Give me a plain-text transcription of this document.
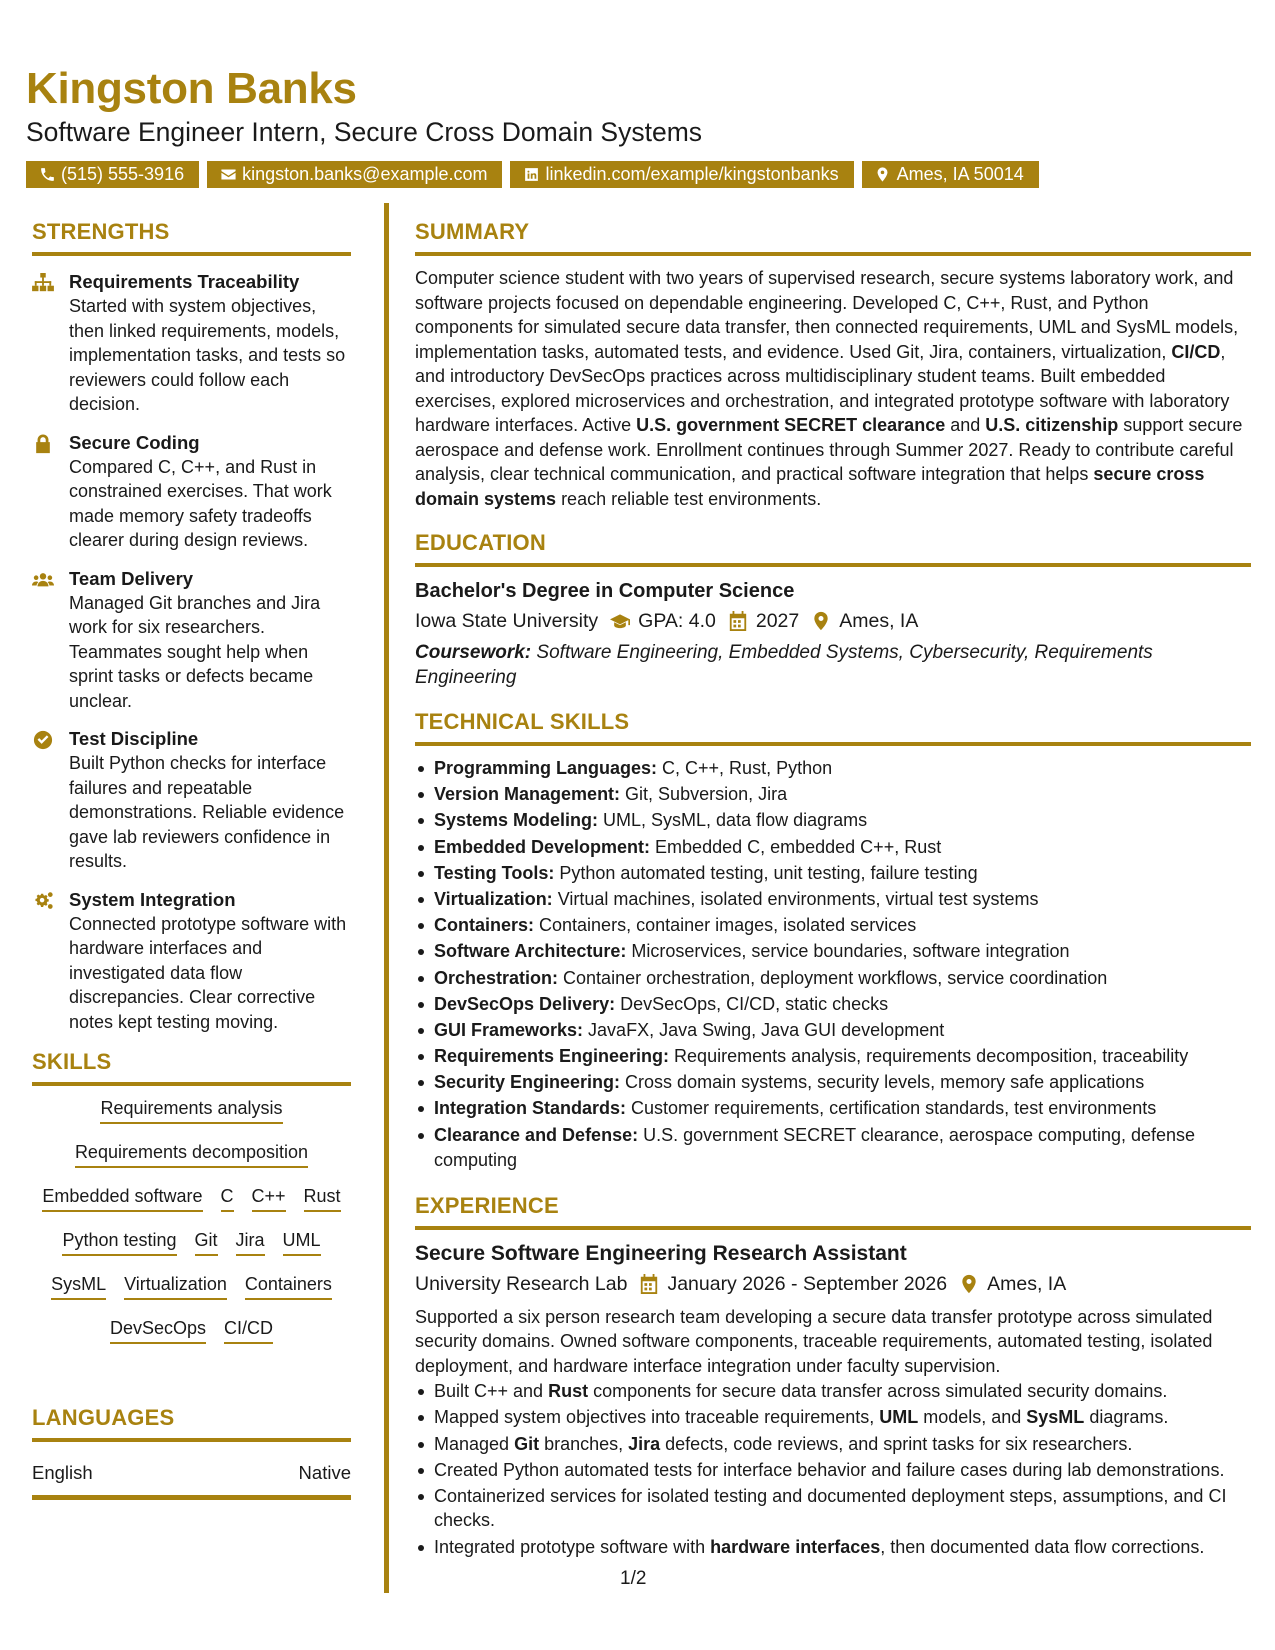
Kingston Banks
Software Engineer Intern, Secure Cross Domain Systems
(515) 555-3916	kingston.banks@example.com	linkedin.com/example/kingstonbanks	Ames, IA 50014
STRENGTHS
Requirements Traceability
Started with system objectives, then linked requirements, models, implementation tasks, and tests so reviewers could follow each decision.
Secure Coding
Compared C, C++, and Rust in constrained exercises. That work made memory safety tradeoffs clearer during design reviews.
Team Delivery
Managed Git branches and Jira work for six researchers. Teammates sought help when sprint tasks or defects became unclear.
Test Discipline
Built Python checks for interface failures and repeatable demonstrations. Reliable evidence gave lab reviewers confidence in results.
System Integration
Connected prototype software with hardware interfaces and investigated data flow discrepancies. Clear corrective notes kept testing moving.
SKILLS
Requirements analysis
Requirements decomposition
Embedded software C C++ Rust
Python testing Git Jira UML
SysML Virtualization Containers
DevSecOps CI/CD
LANGUAGES
English	Native
SUMMARY
Computer science student with two years of supervised research, secure systems laboratory work, and software projects focused on dependable engineering. Developed C, C++, Rust, and Python components for simulated secure data transfer, then connected requirements, UML and SysML models, implementation tasks, automated tests, and evidence. Used Git, Jira, containers, virtualization, CI/CD, and introductory DevSecOps practices across multidisciplinary student teams. Built embedded exercises, explored microservices and orchestration, and integrated prototype software with laboratory hardware interfaces. Active U.S. government SECRET clearance and U.S. citizenship support secure aerospace and defense work. Enrollment continues through Summer 2027. Ready to contribute careful analysis, clear technical communication, and practical software integration that helps secure cross domain systems reach reliable test environments.
EDUCATION
Bachelor's Degree in Computer Science
Iowa State University GPA: 4.0 2027 Ames, IA
Coursework: Software Engineering, Embedded Systems, Cybersecurity, Requirements Engineering
TECHNICAL SKILLS
Programming Languages: C, C++, Rust, Python
Version Management: Git, Subversion, Jira
Systems Modeling: UML, SysML, data flow diagrams
Embedded Development: Embedded C, embedded C++, Rust
Testing Tools: Python automated testing, unit testing, failure testing
Virtualization: Virtual machines, isolated environments, virtual test systems
Containers: Containers, container images, isolated services
Software Architecture: Microservices, service boundaries, software integration
Orchestration: Container orchestration, deployment workflows, service coordination
DevSecOps Delivery: DevSecOps, CI/CD, static checks
GUI Frameworks: JavaFX, Java Swing, Java GUI development
Requirements Engineering: Requirements analysis, requirements decomposition, traceability
Security Engineering: Cross domain systems, security levels, memory safe applications
Integration Standards: Customer requirements, certification standards, test environments
Clearance and Defense: U.S. government SECRET clearance, aerospace computing, defense computing
EXPERIENCE
Secure Software Engineering Research Assistant
University Research Lab January 2026 - September 2026 Ames, IA
Supported a six person research team developing a secure data transfer prototype across simulated security domains. Owned software components, traceable requirements, automated testing, isolated deployment, and hardware interface integration under faculty supervision.
Built C++ and Rust components for secure data transfer across simulated security domains.
Mapped system objectives into traceable requirements, UML models, and SysML diagrams.
Managed Git branches, Jira defects, code reviews, and sprint tasks for six researchers.
Created Python automated tests for interface behavior and failure cases during lab demonstrations.
Containerized services for isolated testing and documented deployment steps, assumptions, and CI checks.
Integrated prototype software with hardware interfaces, then documented data flow corrections.
1/2
